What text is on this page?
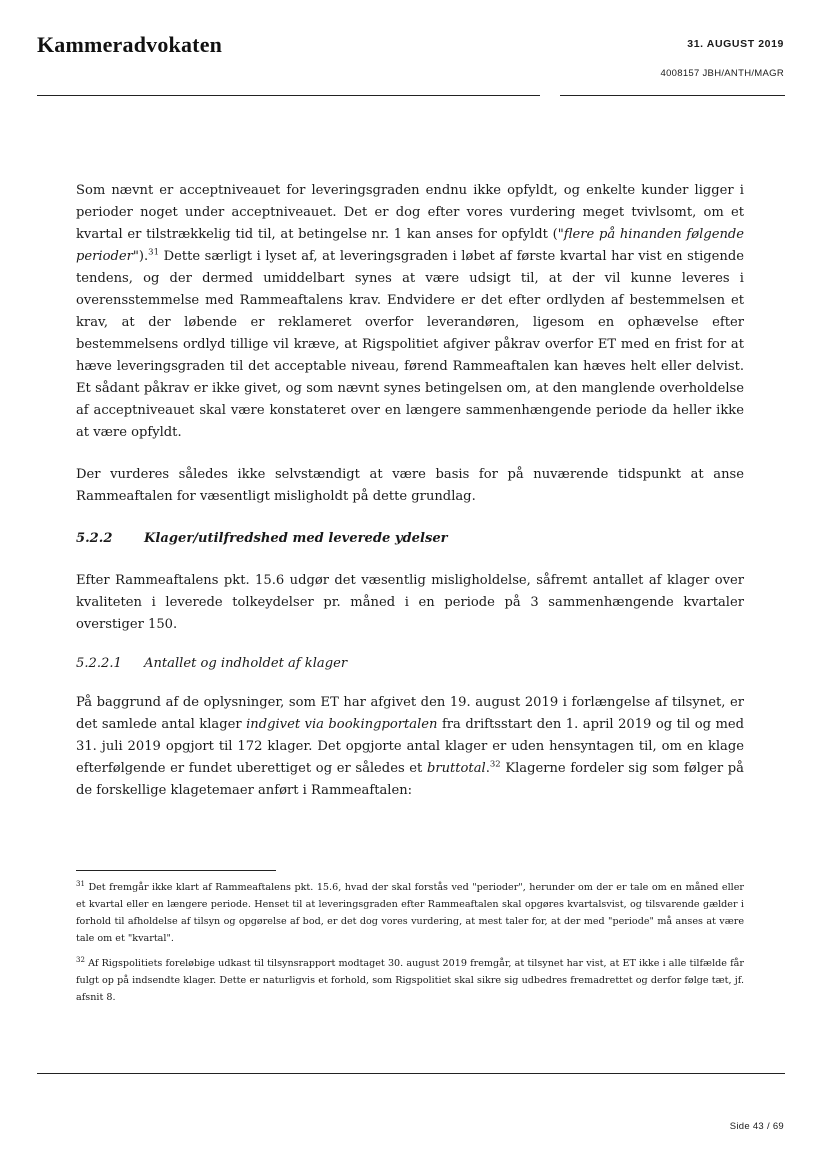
Kammeradvokaten	31. AUGUST 2019
4008157 JBH/ANTH/MAGR

Som nævnt er acceptniveauet for leveringsgraden endnu ikke opfyldt, og enkelte kunder ligger i perioder noget under acceptniveauet. Det er dog efter vores vurdering meget tvivlsomt, om et kvartal er tilstrækkelig tid til, at betingelse nr. 1 kan anses for opfyldt ("flere på hinanden følgende perioder").$^{31}$ Dette særligt i lyset af, at leveringsgraden i løbet af første kvartal har vist en stigende tendens, og der dermed umiddelbart synes at være udsigt til, at der vil kunne leveres i overensstemmelse med Rammeaftalens krav. Endvidere er det efter ordlyden af bestemmelsen et krav, at der løbende er reklameret overfor leverandøren, ligesom en ophævelse efter bestemmelsens ordlyd tillige vil kræve, at Rigspolitiet afgiver påkrav overfor ET med en frist for at hæve leveringsgraden til det acceptable niveau, førend Rammeaftalen kan hæves helt eller delvist. Et sådant påkrav er ikke givet, og som nævnt synes betingelsen om, at den manglende overholdelse af acceptniveauet skal være konstateret over en længere sammenhængende periode da heller ikke at være opfyldt.

Der vurderes således ikke selvstændigt at være basis for på nuværende tidspunkt at anse Rammeaftalen for væsentligt misligholdt på dette grundlag.

5.2.2	Klager/utilfredshed med leverede ydelser

Efter Rammeaftalens pkt. 15.6 udgør det væsentlig misligholdelse, såfremt antallet af klager over kvaliteten i leverede tolkeydelser pr. måned i en periode på 3 sammenhængende kvartaler overstiger 150.

5.2.2.1	Antallet og indholdet af klager

På baggrund af de oplysninger, som ET har afgivet den 19. august 2019 i forlængelse af tilsynet, er det samlede antal klager indgivet via bookingportalen fra driftsstart den 1. april 2019 og til og med 31. juli 2019 opgjort til 172 klager. Det opgjorte antal klager er uden hensyntagen til, om en klage efterfølgende er fundet uberettiget og er således et bruttotal.$^{32}$ Klagerne fordeler sig som følger på de forskellige klagetemaer anført i Rammeaftalen:

$^{31}$ Det fremgår ikke klart af Rammeaftalens pkt. 15.6, hvad der skal forstås ved "perioder", herunder om der er tale om en måned eller et kvartal eller en længere periode. Henset til at leveringsgraden efter Rammeaftalen skal opgøres kvartalsvist, og tilsvarende gælder i forhold til afholdelse af tilsyn og opgørelse af bod, er det dog vores vurdering, at mest taler for, at der med "periode" må anses at være tale om et "kvartal".

$^{32}$ Af Rigspolitiets foreløbige udkast til tilsynsrapport modtaget 30. august 2019 fremgår, at tilsynet har vist, at ET ikke i alle tilfælde får fulgt op på indsendte klager. Dette er naturligvis et forhold, som Rigspolitiet skal sikre sig udbedres fremadrettet og derfor følge tæt, jf. afsnit 8.

Side 43 / 69
